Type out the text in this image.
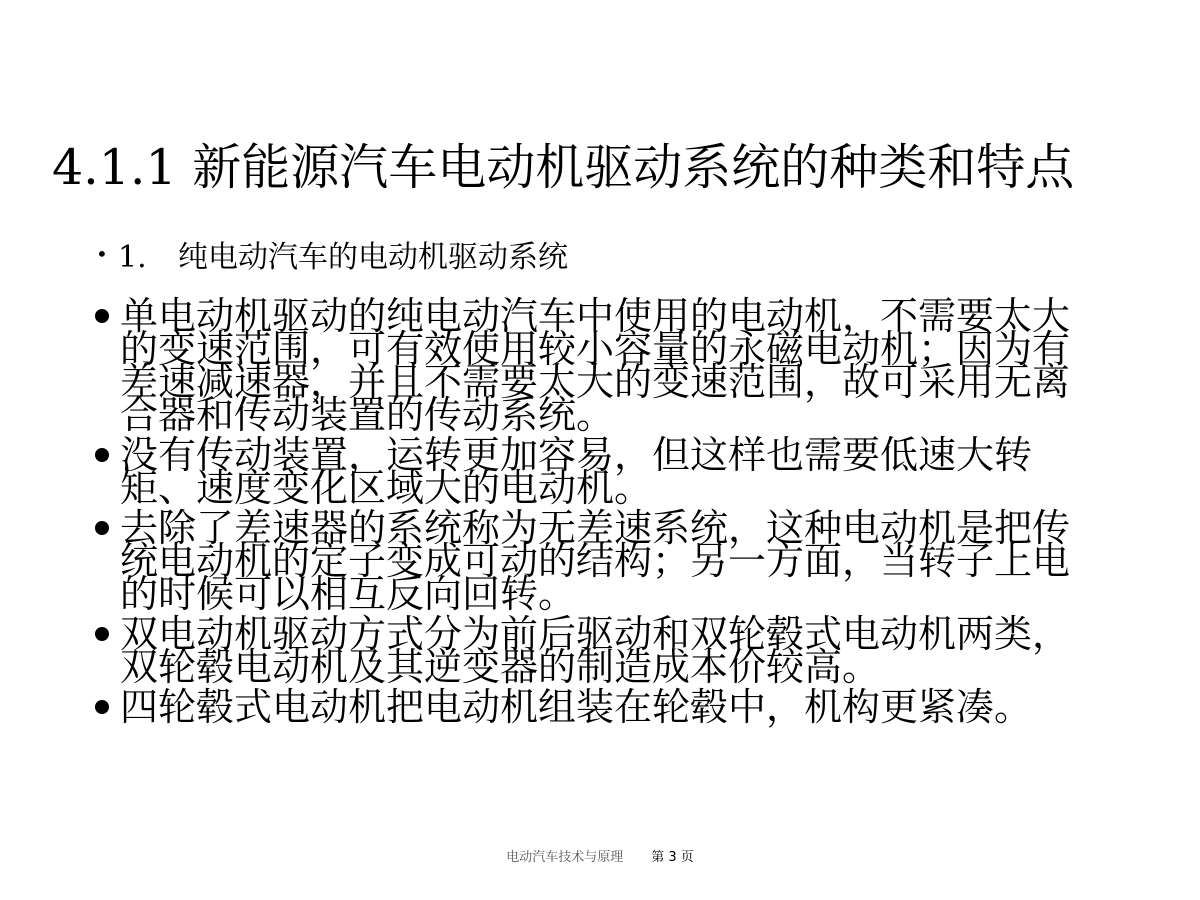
4.1.1 新能源汽车电动机驱动系统的种类和特点
• 1. 纯电动汽车的电动机驱动系统
单电动机驱动的纯电动汽车中使用的电动机，不需要太大的变速范围，可有效使用较小容量的永磁电动机；因为有差速减速器，并且不需要太大的变速范围，故可采用无离合器和传动装置的传动系统。
没有传动装置，运转更加容易，但这样也需要低速大转矩、速度变化区域大的电动机。
去除了差速器的系统称为无差速系统，这种电动机是把传统电动机的定子变成可动的结构；另一方面，当转子上电的时候可以相互反向回转。
双电动机驱动方式分为前后驱动和双轮毂式电动机两类，双轮毂电动机及其逆变器的制造成本价较高。
四轮毂式电动机把电动机组装在轮毂中，机构更紧凑。
电动汽车技术与原理 第 3 页
